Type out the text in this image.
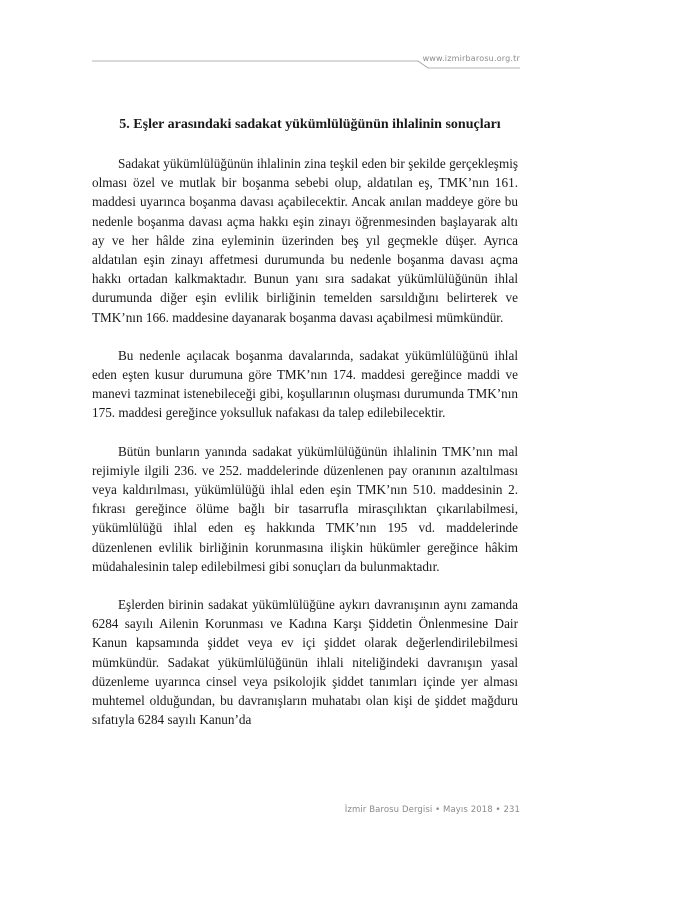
www.izmirbarosu.org.tr
5. Eşler arasındaki sadakat yükümlülüğünün ihlalinin sonuçları

Sadakat yükümlülüğünün ihlalinin zina teşkil eden bir şekilde gerçekleşmiş olması özel ve mutlak bir boşanma sebebi olup, aldatılan eş, TMK’nın 161. maddesi uyarınca boşanma davası açabilecektir. Ancak anılan maddeye göre bu nedenle boşanma davası açma hakkı eşin zinayı öğrenmesinden başlayarak altı ay ve her hâlde zina eyleminin üzerinden beş yıl geçmekle düşer. Ayrıca aldatılan eşin zinayı affetmesi durumunda bu nedenle boşanma davası açma hakkı ortadan kalkmaktadır. Bunun yanı sıra sadakat yükümlülüğünün ihlal durumunda diğer eşin evlilik birliğinin temelden sarsıldığını belirterek ve TMK’nın 166. maddesine dayanarak boşanma davası açabilmesi mümkündür.

Bu nedenle açılacak boşanma davalarında, sadakat yükümlülüğünü ihlal eden eşten kusur durumuna göre TMK’nın 174. maddesi gereğince maddi ve manevi tazminat istenebileceği gibi, koşullarının oluşması durumunda TMK’nın 175. maddesi gereğince yoksulluk nafakası da talep edilebilecektir.

Bütün bunların yanında sadakat yükümlülüğünün ihlalinin TMK’nın mal rejimiyle ilgili 236. ve 252. maddelerinde düzenlenen pay oranının azaltılması veya kaldırılması, yükümlülüğü ihlal eden eşin TMK’nın 510. maddesinin 2. fıkrası gereğince ölüme bağlı bir tasarrufla mirasçılıktan çıkarılabilmesi, yükümlülüğü ihlal eden eş hakkında TMK’nın 195 vd. maddelerinde düzenlenen evlilik birliğinin korunmasına ilişkin hükümler gereğince hâkim müdahalesinin talep edilebilmesi gibi sonuçları da bulunmaktadır.

Eşlerden birinin sadakat yükümlülüğüne aykırı davranışının aynı zamanda 6284 sayılı Ailenin Korunması ve Kadına Karşı Şiddetin Önlenmesine Dair Kanun kapsamında şiddet veya ev içi şiddet olarak değerlendirilebilmesi mümkündür. Sadakat yükümlülüğünün ihlali niteliğindeki davranışın yasal düzenleme uyarınca cinsel veya psikolojik şiddet tanımları içinde yer alması muhtemel olduğundan, bu davranışların muhatabı olan kişi de şiddet mağduru sıfatıyla 6284 sayılı Kanun’da

İzmir Barosu Dergisi • Mayıs 2018 • 231
